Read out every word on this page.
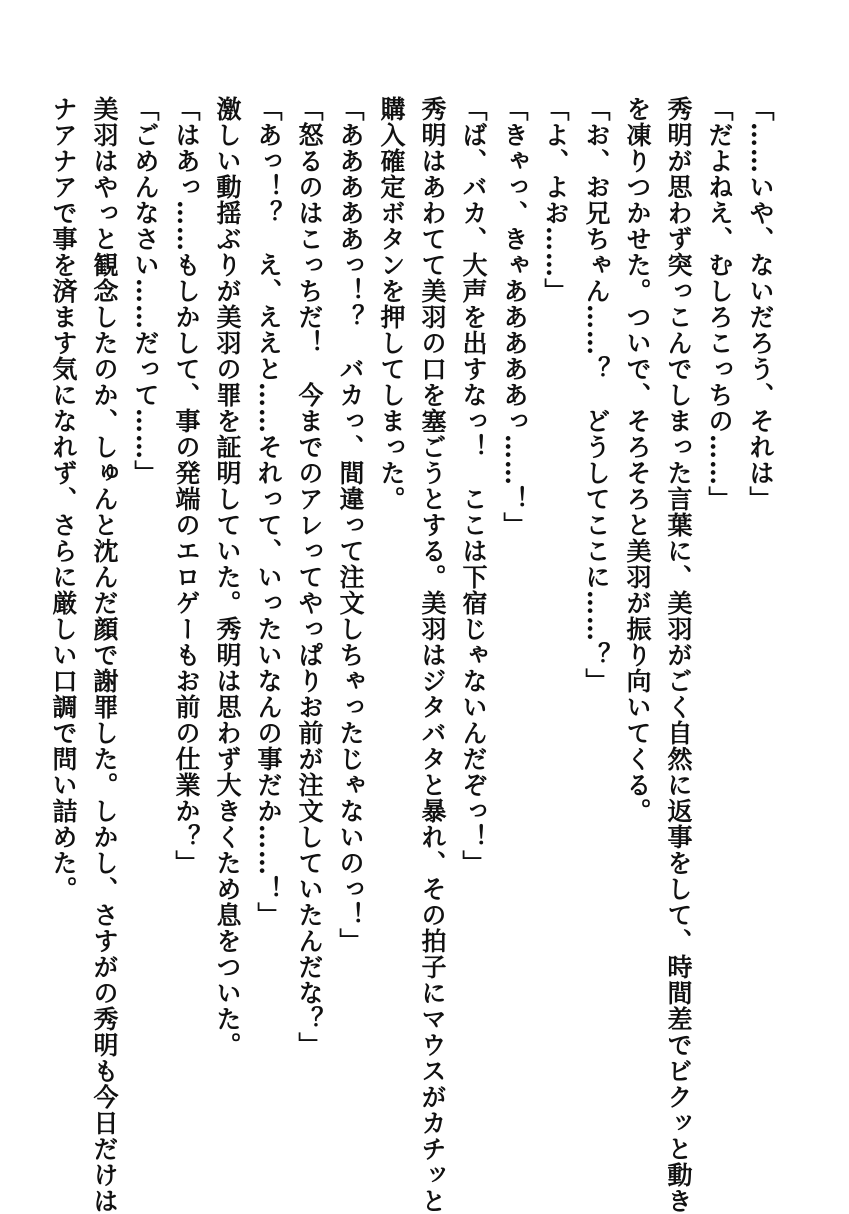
「……いや、ないだろう、それは」
「だよねえ、むしろこっちの……」
秀明が思わず突っこんでしまった言葉に、美羽がごく自然に返事をして、時間差でビクッと動き
を凍りつかせた。ついで、そろそろと美羽が振り向いてくる。
「お、お兄ちゃん……？　どうしてここに……？」
「よ、よお……」
「きゃっ、きゃあああああっ……！」
「ば、バカ、大声を出すなっ！　ここは下宿じゃないんだぞっ！」
秀明はあわてて美羽の口を塞ごうとする。美羽はジタバタと暴れ、その拍子にマウスがカチッと
購入確定ボタンを押してしまった。
「あああああっ！？　バカっ、間違って注文しちゃったじゃないのっ！」
「怒るのはこっちだ！　今までのアレってやっぱりお前が注文していたんだな？」
「あっ！？　え、ええと……それって、いったいなんの事だか……！」
激しい動揺ぶりが美羽の罪を証明していた。秀明は思わず大きくため息をついた。
「はあっ……もしかして、事の発端のエロゲーもお前の仕業か？」
「ごめんなさい……だって……」
美羽はやっと観念したのか、しゅんと沈んだ顔で謝罪した。しかし、さすがの秀明も今日だけは
ナアナアで事を済ます気になれず、さらに厳しい口調で問い詰めた。
